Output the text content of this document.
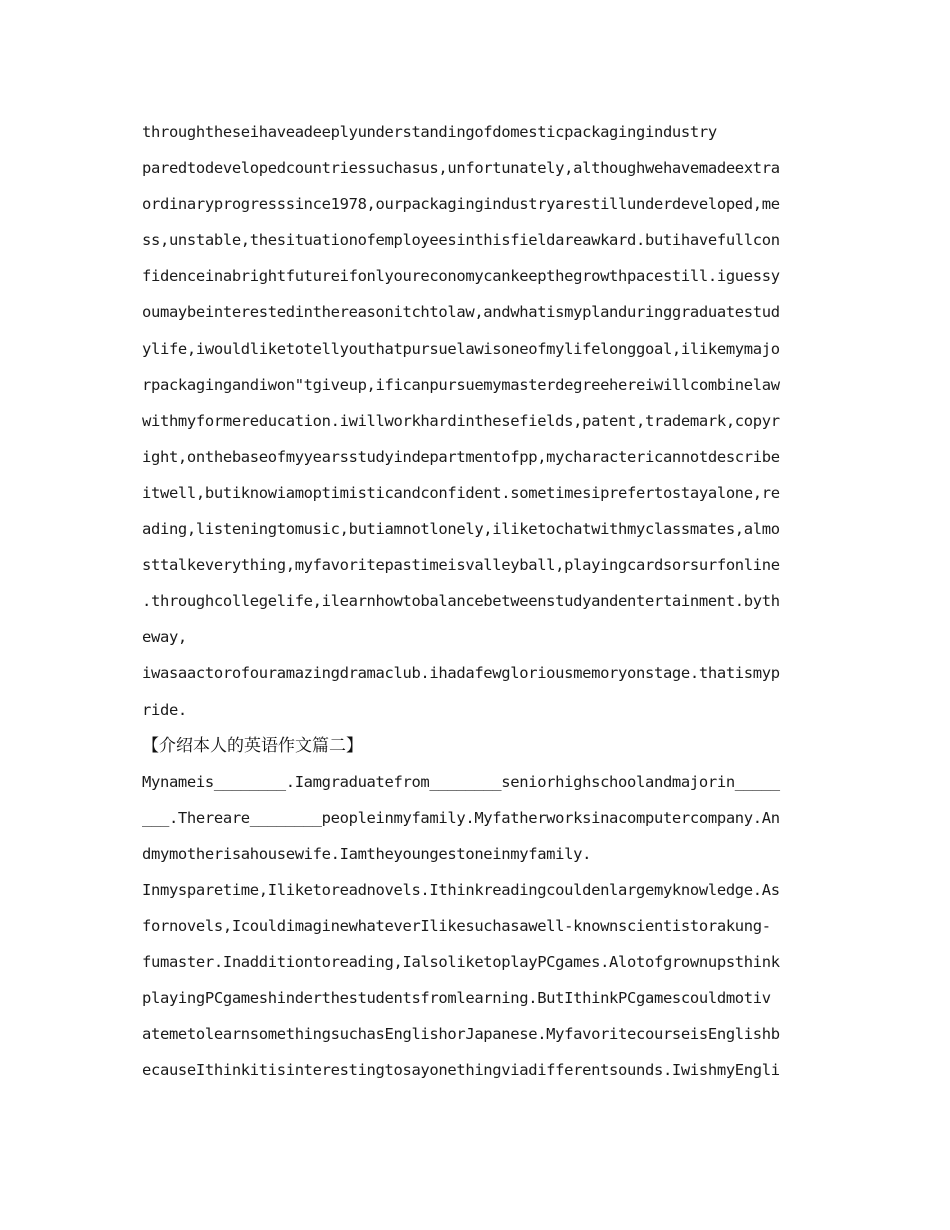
throughtheseihaveadeeplyunderstandingofdomesticpackagingindustry
paredtodevelopedcountriessuchasus,unfortunately,althoughwehavemadeextra
ordinaryprogresssince1978,ourpackagingindustryarestillunderdeveloped,me
ss,unstable,thesituationofemployeesinthisfieldareawkard.butihavefullcon
fidenceinabrightfutureifonlyoureconomycankeepthegrowthpacestill.iguessy
oumaybeinterestedinthereasonitchtolaw,andwhatismyplanduringgraduatestud
ylife,iwouldliketotellyouthatpursuelawisoneofmylifelonggoal,ilikemymajo
rpackagingandiwon"tgiveup,ificanpursuemymasterdegreehereiwillcombinelaw
withmyformereducation.iwillworkhardinthesefields,patent,trademark,copyr
ight,onthebaseofmyyearsstudyindepartmentofpp,mycharactericannotdescribe
itwell,butiknowiamoptimisticandconfident.sometimesiprefertostayalone,re
ading,listeningtomusic,butiamnotlonely,iliketochatwithmyclassmates,almo
sttalkeverything,myfavoritepastimeisvalleyball,playingcardsorsurfonline
.throughcollegelife,ilearnhowtobalancebetweenstudyandentertainment.byth
eway,
iwasaactorofouramazingdramaclub.ihadafewgloriousmemoryonstage.thatismyp
ride.
【介绍本人的英语作文篇二】
Mynameis________.Iamgraduatefrom________seniorhighschoolandmajorin_____
___.Thereare________peopleinmyfamily.Myfatherworksinacomputercompany.An
dmymotherisahousewife.Iamtheyoungestoneinmyfamily.
Inmysparetime,Iliketoreadnovels.Ithinkreadingcouldenlargemyknowledge.As
fornovels,IcouldimaginewhateverIlikesuchasawell-knownscientistorakung-
fumaster.Inadditiontoreading,IalsoliketoplayPCgames.Alotofgrownupsthink
playingPCgameshinderthestudentsfromlearning.ButIthinkPCgamescouldmotiv
atemetolearnsomethingsuchasEnglishorJapanese.MyfavoritecourseisEnglishb
ecauseIthinkitisinterestingtosayonethingviadifferentsounds.IwishmyEngli
